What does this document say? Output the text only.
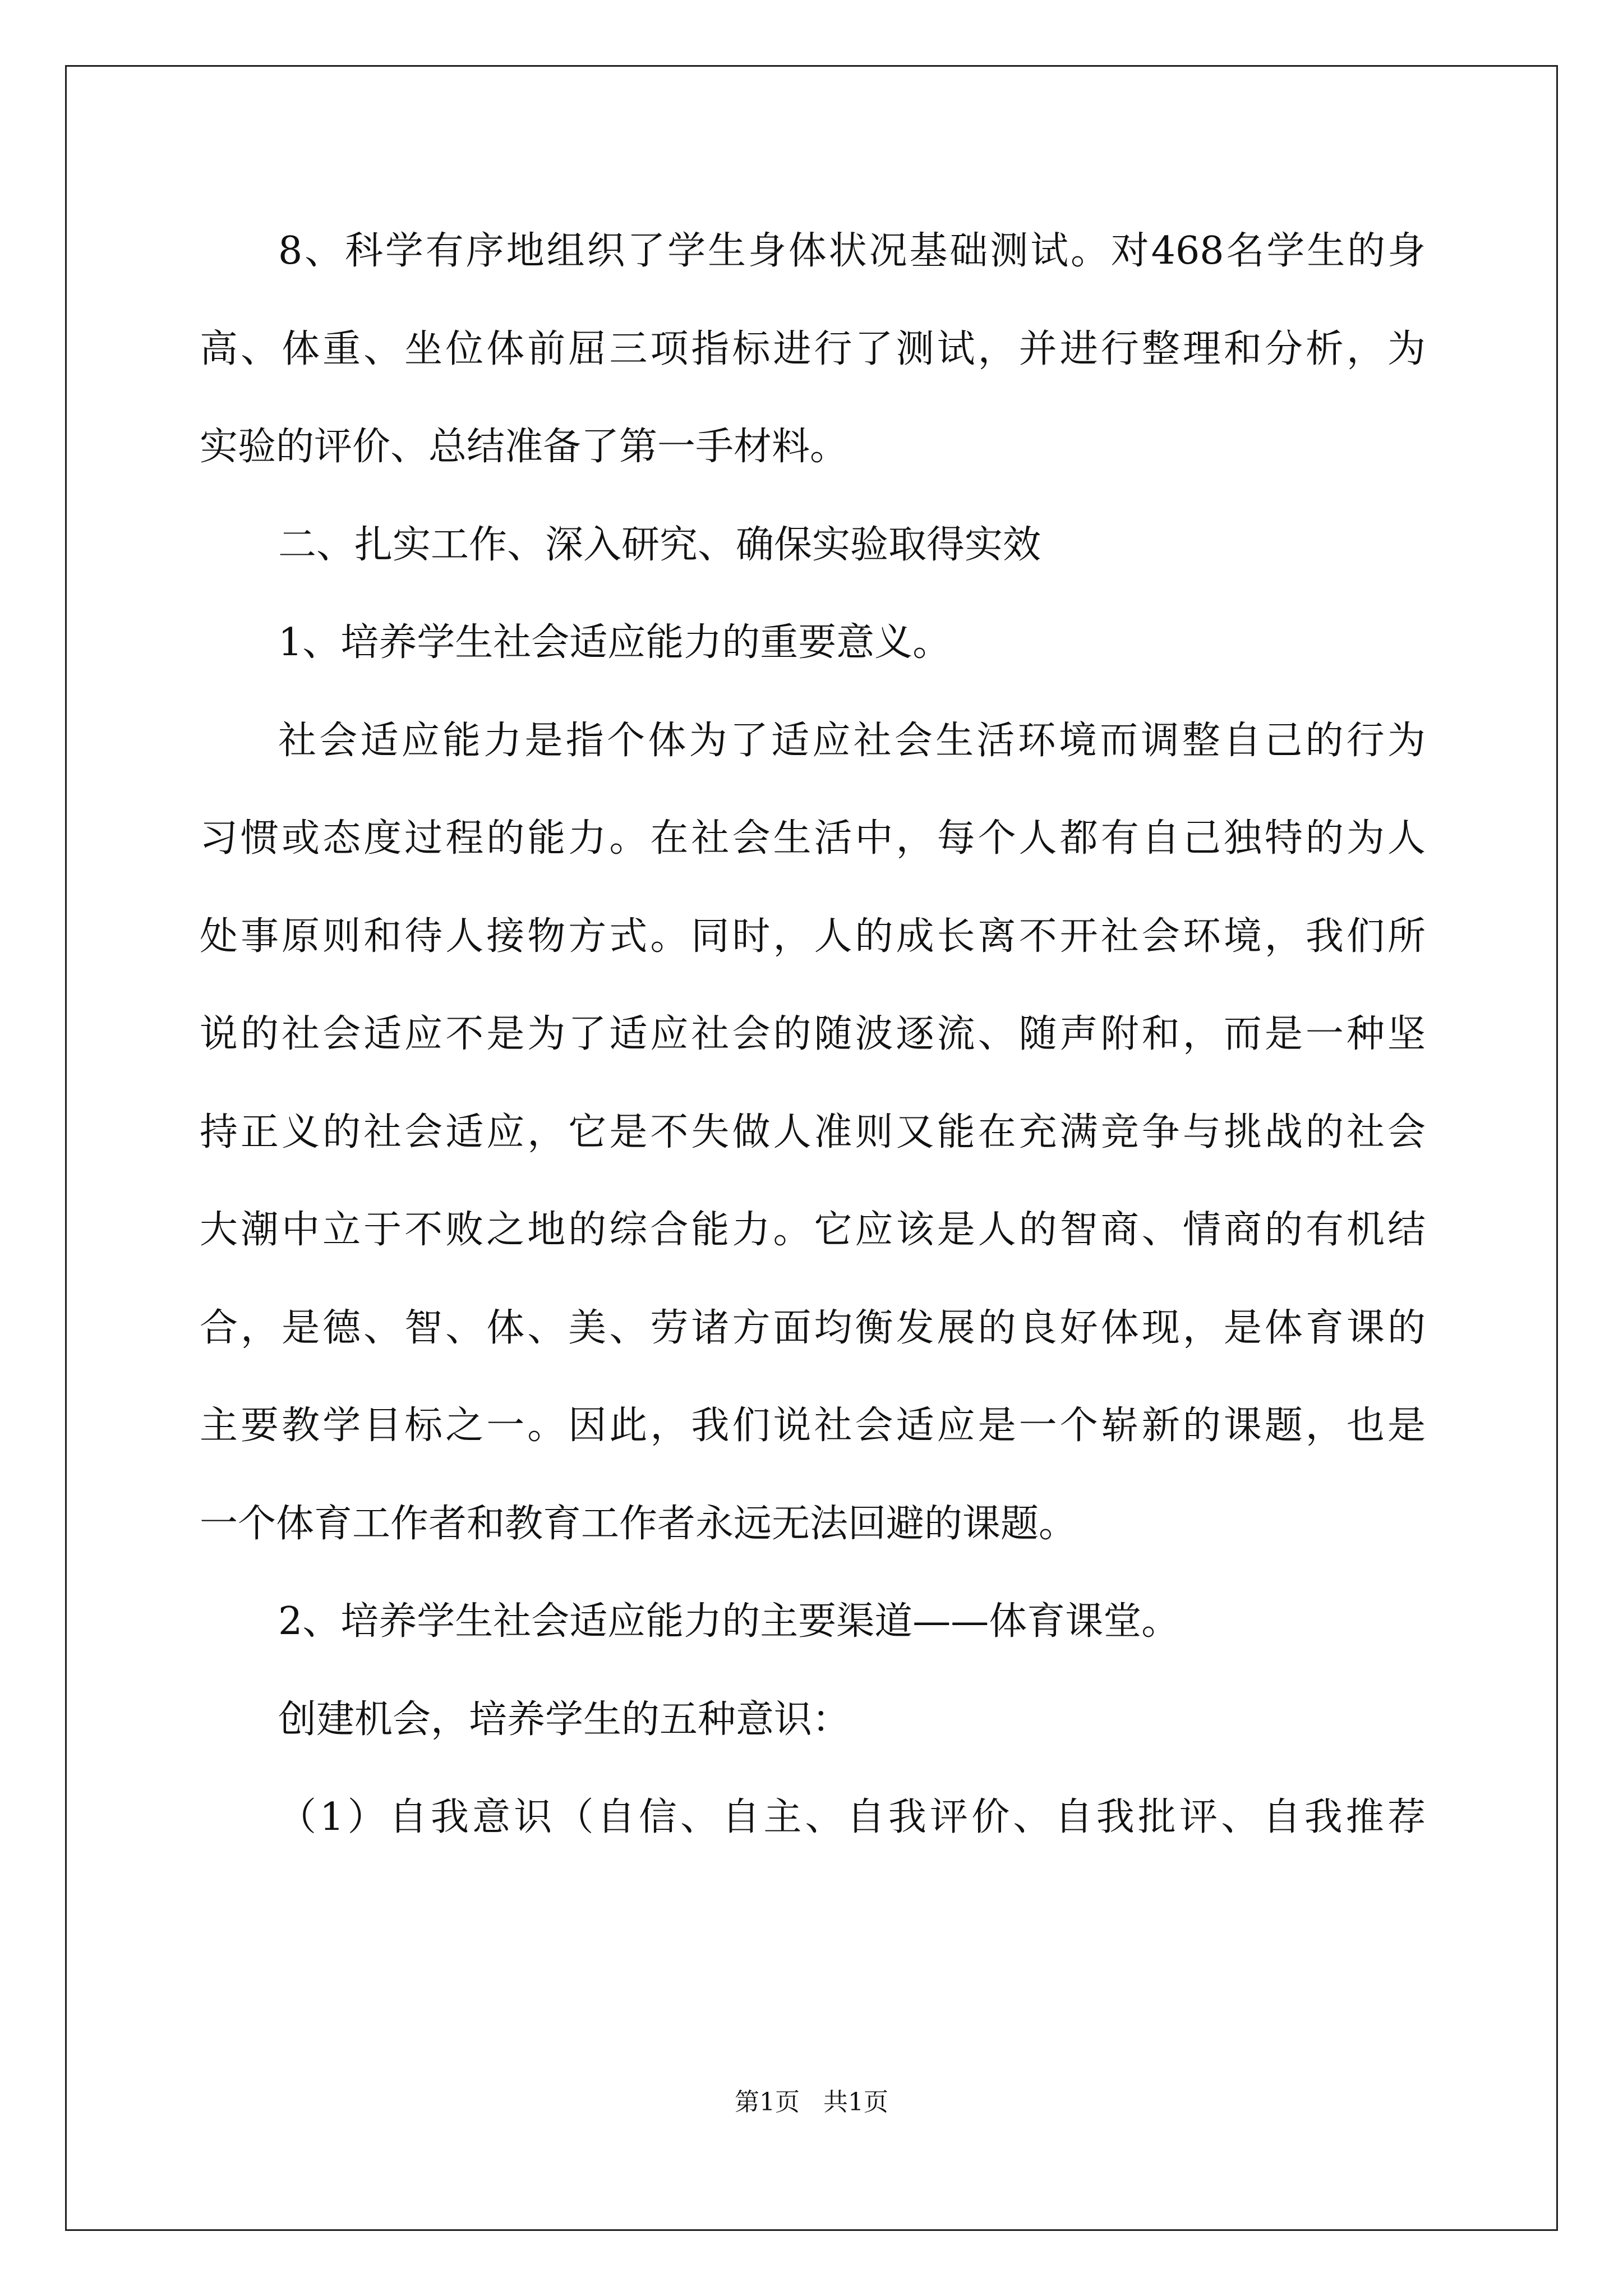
8、科学有序地组织了学生身体状况基础测试。对468名学生的身
高、体重、坐位体前屈三项指标进行了测试，并进行整理和分析，为
实验的评价、总结准备了第一手材料。
二、扎实工作、深入研究、确保实验取得实效
1、培养学生社会适应能力的重要意义。
社会适应能力是指个体为了适应社会生活环境而调整自己的行为
习惯或态度过程的能力。在社会生活中，每个人都有自己独特的为人
处事原则和待人接物方式。同时，人的成长离不开社会环境，我们所
说的社会适应不是为了适应社会的随波逐流、随声附和，而是一种坚
持正义的社会适应，它是不失做人准则又能在充满竞争与挑战的社会
大潮中立于不败之地的综合能力。它应该是人的智商、情商的有机结
合，是德、智、体、美、劳诸方面均衡发展的良好体现，是体育课的
主要教学目标之一。因此，我们说社会适应是一个崭新的课题，也是
一个体育工作者和教育工作者永远无法回避的课题。
2、培养学生社会适应能力的主要渠道——体育课堂。
创建机会，培养学生的五种意识：
（1）自我意识（自信、自主、自我评价、自我批评、自我推荐
第1页 共1页
